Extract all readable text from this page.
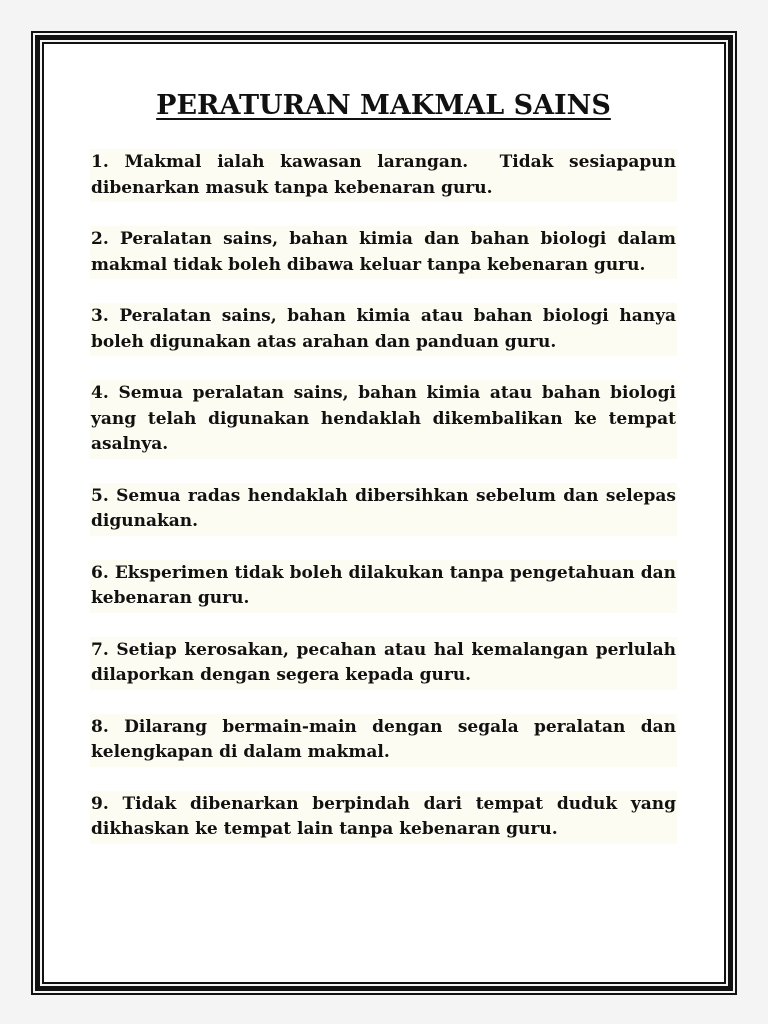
PERATURAN MAKMAL SAINS
1. Makmal ialah kawasan larangan.  Tidak sesiapapun dibenarkan masuk tanpa kebenaran guru.
2. Peralatan sains, bahan kimia dan bahan biologi dalam makmal tidak boleh dibawa keluar tanpa kebenaran guru.
3. Peralatan sains, bahan kimia atau bahan biologi hanya boleh digunakan atas arahan dan panduan guru.
4. Semua peralatan sains, bahan kimia atau bahan biologi yang telah digunakan hendaklah dikembalikan ke tempat asalnya.
5. Semua radas hendaklah dibersihkan sebelum dan selepas digunakan.
6. Eksperimen tidak boleh dilakukan tanpa pengetahuan dan kebenaran guru.
7. Setiap kerosakan, pecahan atau hal kemalangan perlulah dilaporkan dengan segera kepada guru.
8. Dilarang bermain-main dengan segala peralatan dan kelengkapan di dalam makmal.
9. Tidak dibenarkan berpindah dari tempat duduk yang dikhaskan ke tempat lain tanpa kebenaran guru.
